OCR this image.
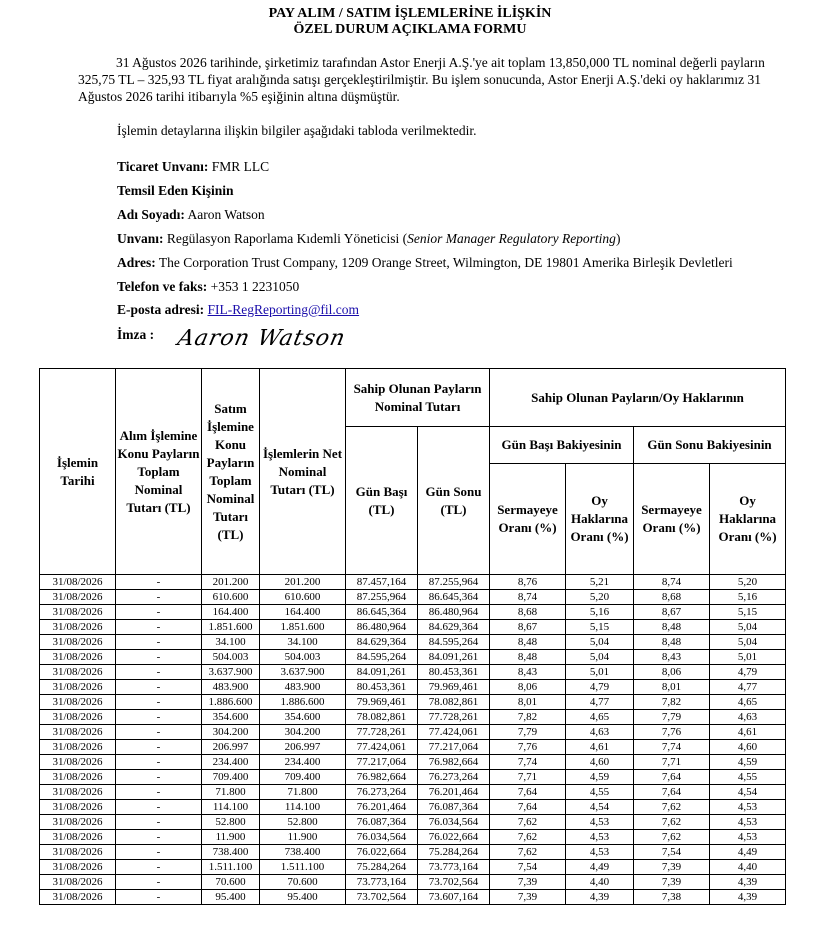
PAY ALIM / SATIM İŞLEMLERİNE İLİŞKİN
ÖZEL DURUM AÇIKLAMA FORMU
31 Ağustos 2026 tarihinde, şirketimiz tarafından Astor Enerji A.Ş.'ye ait toplam 13,850,000 TL nominal değerli payların 325,75 TL – 325,93 TL fiyat aralığında satışı gerçekleştirilmiştir. Bu işlem sonucunda, Astor Enerji A.Ş.'deki oy haklarımız 31 Ağustos 2026 tarihi itibarıyla %5 eşiğinin altına düşmüştür.
İşlemin detaylarına ilişkin bilgiler aşağıdaki tabloda verilmektedir.
Ticaret Unvanı: FMR LLC
Temsil Eden Kişinin
Adı Soyadı: Aaron Watson
Unvanı: Regülasyon Raporlama Kıdemli Yöneticisi (Senior Manager Regulatory Reporting)
Adres: The Corporation Trust Company, 1209 Orange Street, Wilmington, DE 19801 Amerika Birleşik Devletleri
Telefon ve faks: +353 1 2231050
E-posta adresi: FIL-RegReporting@fil.com
İmza : Aaron Watson
İşlemin Tarihi	Alım İşlemine Konu Payların Toplam Nominal Tutarı (TL)	Satım İşlemine Konu Payların Toplam Nominal Tutarı (TL)	İşlemlerin Net Nominal Tutarı (TL)	Sahip Olunan Payların Nominal Tutarı		Sahip Olunan Payların/Oy Haklarının			
				Gün Başı (TL)	Gün Sonu (TL)	Gün Başı Bakiyesinin		Gün Sonu Bakiyesinin	
						Sermayeye Oranı (%)	Oy Haklarına Oranı (%)	Sermayeye Oranı (%)	Oy Haklarına Oranı (%)
31/08/2026	-	201.200	201.200	87.457,164	87.255,964	8,76	5,21	8,74	5,20
31/08/2026	-	610.600	610.600	87.255,964	86.645,364	8,74	5,20	8,68	5,16
31/08/2026	-	164.400	164.400	86.645,364	86.480,964	8,68	5,16	8,67	5,15
31/08/2026	-	1.851.600	1.851.600	86.480,964	84.629,364	8,67	5,15	8,48	5,04
31/08/2026	-	34.100	34.100	84.629,364	84.595,264	8,48	5,04	8,48	5,04
31/08/2026	-	504.003	504.003	84.595,264	84.091,261	8,48	5,04	8,43	5,01
31/08/2026	-	3.637.900	3.637.900	84.091,261	80.453,361	8,43	5,01	8,06	4,79
31/08/2026	-	483.900	483.900	80.453,361	79.969,461	8,06	4,79	8,01	4,77
31/08/2026	-	1.886.600	1.886.600	79.969,461	78.082,861	8,01	4,77	7,82	4,65
31/08/2026	-	354.600	354.600	78.082,861	77.728,261	7,82	4,65	7,79	4,63
31/08/2026	-	304.200	304.200	77.728,261	77.424,061	7,79	4,63	7,76	4,61
31/08/2026	-	206.997	206.997	77.424,061	77.217,064	7,76	4,61	7,74	4,60
31/08/2026	-	234.400	234.400	77.217,064	76.982,664	7,74	4,60	7,71	4,59
31/08/2026	-	709.400	709.400	76.982,664	76.273,264	7,71	4,59	7,64	4,55
31/08/2026	-	71.800	71.800	76.273,264	76.201,464	7,64	4,55	7,64	4,54
31/08/2026	-	114.100	114.100	76.201,464	76.087,364	7,64	4,54	7,62	4,53
31/08/2026	-	52.800	52.800	76.087,364	76.034,564	7,62	4,53	7,62	4,53
31/08/2026	-	11.900	11.900	76.034,564	76.022,664	7,62	4,53	7,62	4,53
31/08/2026	-	738.400	738.400	76.022,664	75.284,264	7,62	4,53	7,54	4,49
31/08/2026	-	1.511.100	1.511.100	75.284,264	73.773,164	7,54	4,49	7,39	4,40
31/08/2026	-	70.600	70.600	73.773,164	73.702,564	7,39	4,40	7,39	4,39
31/08/2026	-	95.400	95.400	73.702,564	73.607,164	7,39	4,39	7,38	4,39
